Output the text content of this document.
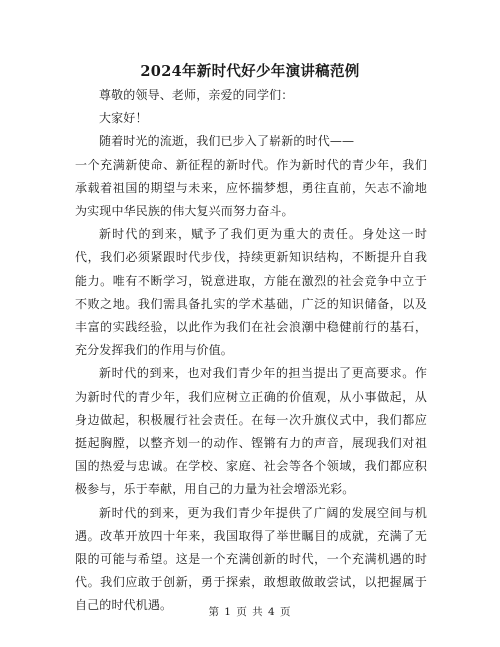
2024年新时代好少年演讲稿范例

尊敬的领导、老师，亲爱的同学们：

大家好！

随着时光的流逝，我们已步入了崭新的时代——

一个充满新使命、新征程的新时代。作为新时代的青少年，我们承载着祖国的期望与未来，应怀揣梦想，勇往直前，矢志不渝地为实现中华民族的伟大复兴而努力奋斗。

新时代的到来，赋予了我们更为重大的责任。身处这一时代，我们必须紧跟时代步伐，持续更新知识结构，不断提升自我能力。唯有不断学习，锐意进取，方能在激烈的社会竞争中立于不败之地。我们需具备扎实的学术基础，广泛的知识储备，以及丰富的实践经验，以此作为我们在社会浪潮中稳健前行的基石，充分发挥我们的作用与价值。

新时代的到来，也对我们青少年的担当提出了更高要求。作为新时代的青少年，我们应树立正确的价值观，从小事做起，从身边做起，积极履行社会责任。在每一次升旗仪式中，我们都应挺起胸膛，以整齐划一的动作、铿锵有力的声音，展现我们对祖国的热爱与忠诚。在学校、家庭、社会等各个领域，我们都应积极参与，乐于奉献，用自己的力量为社会增添光彩。

新时代的到来，更为我们青少年提供了广阔的发展空间与机遇。改革开放四十年来，我国取得了举世瞩目的成就，充满了无限的可能与希望。这是一个充满创新的时代，一个充满机遇的时代。我们应敢于创新，勇于探索，敢想敢做敢尝试，以把握属于自己的时代机遇。	第 1 页 共 4 页
